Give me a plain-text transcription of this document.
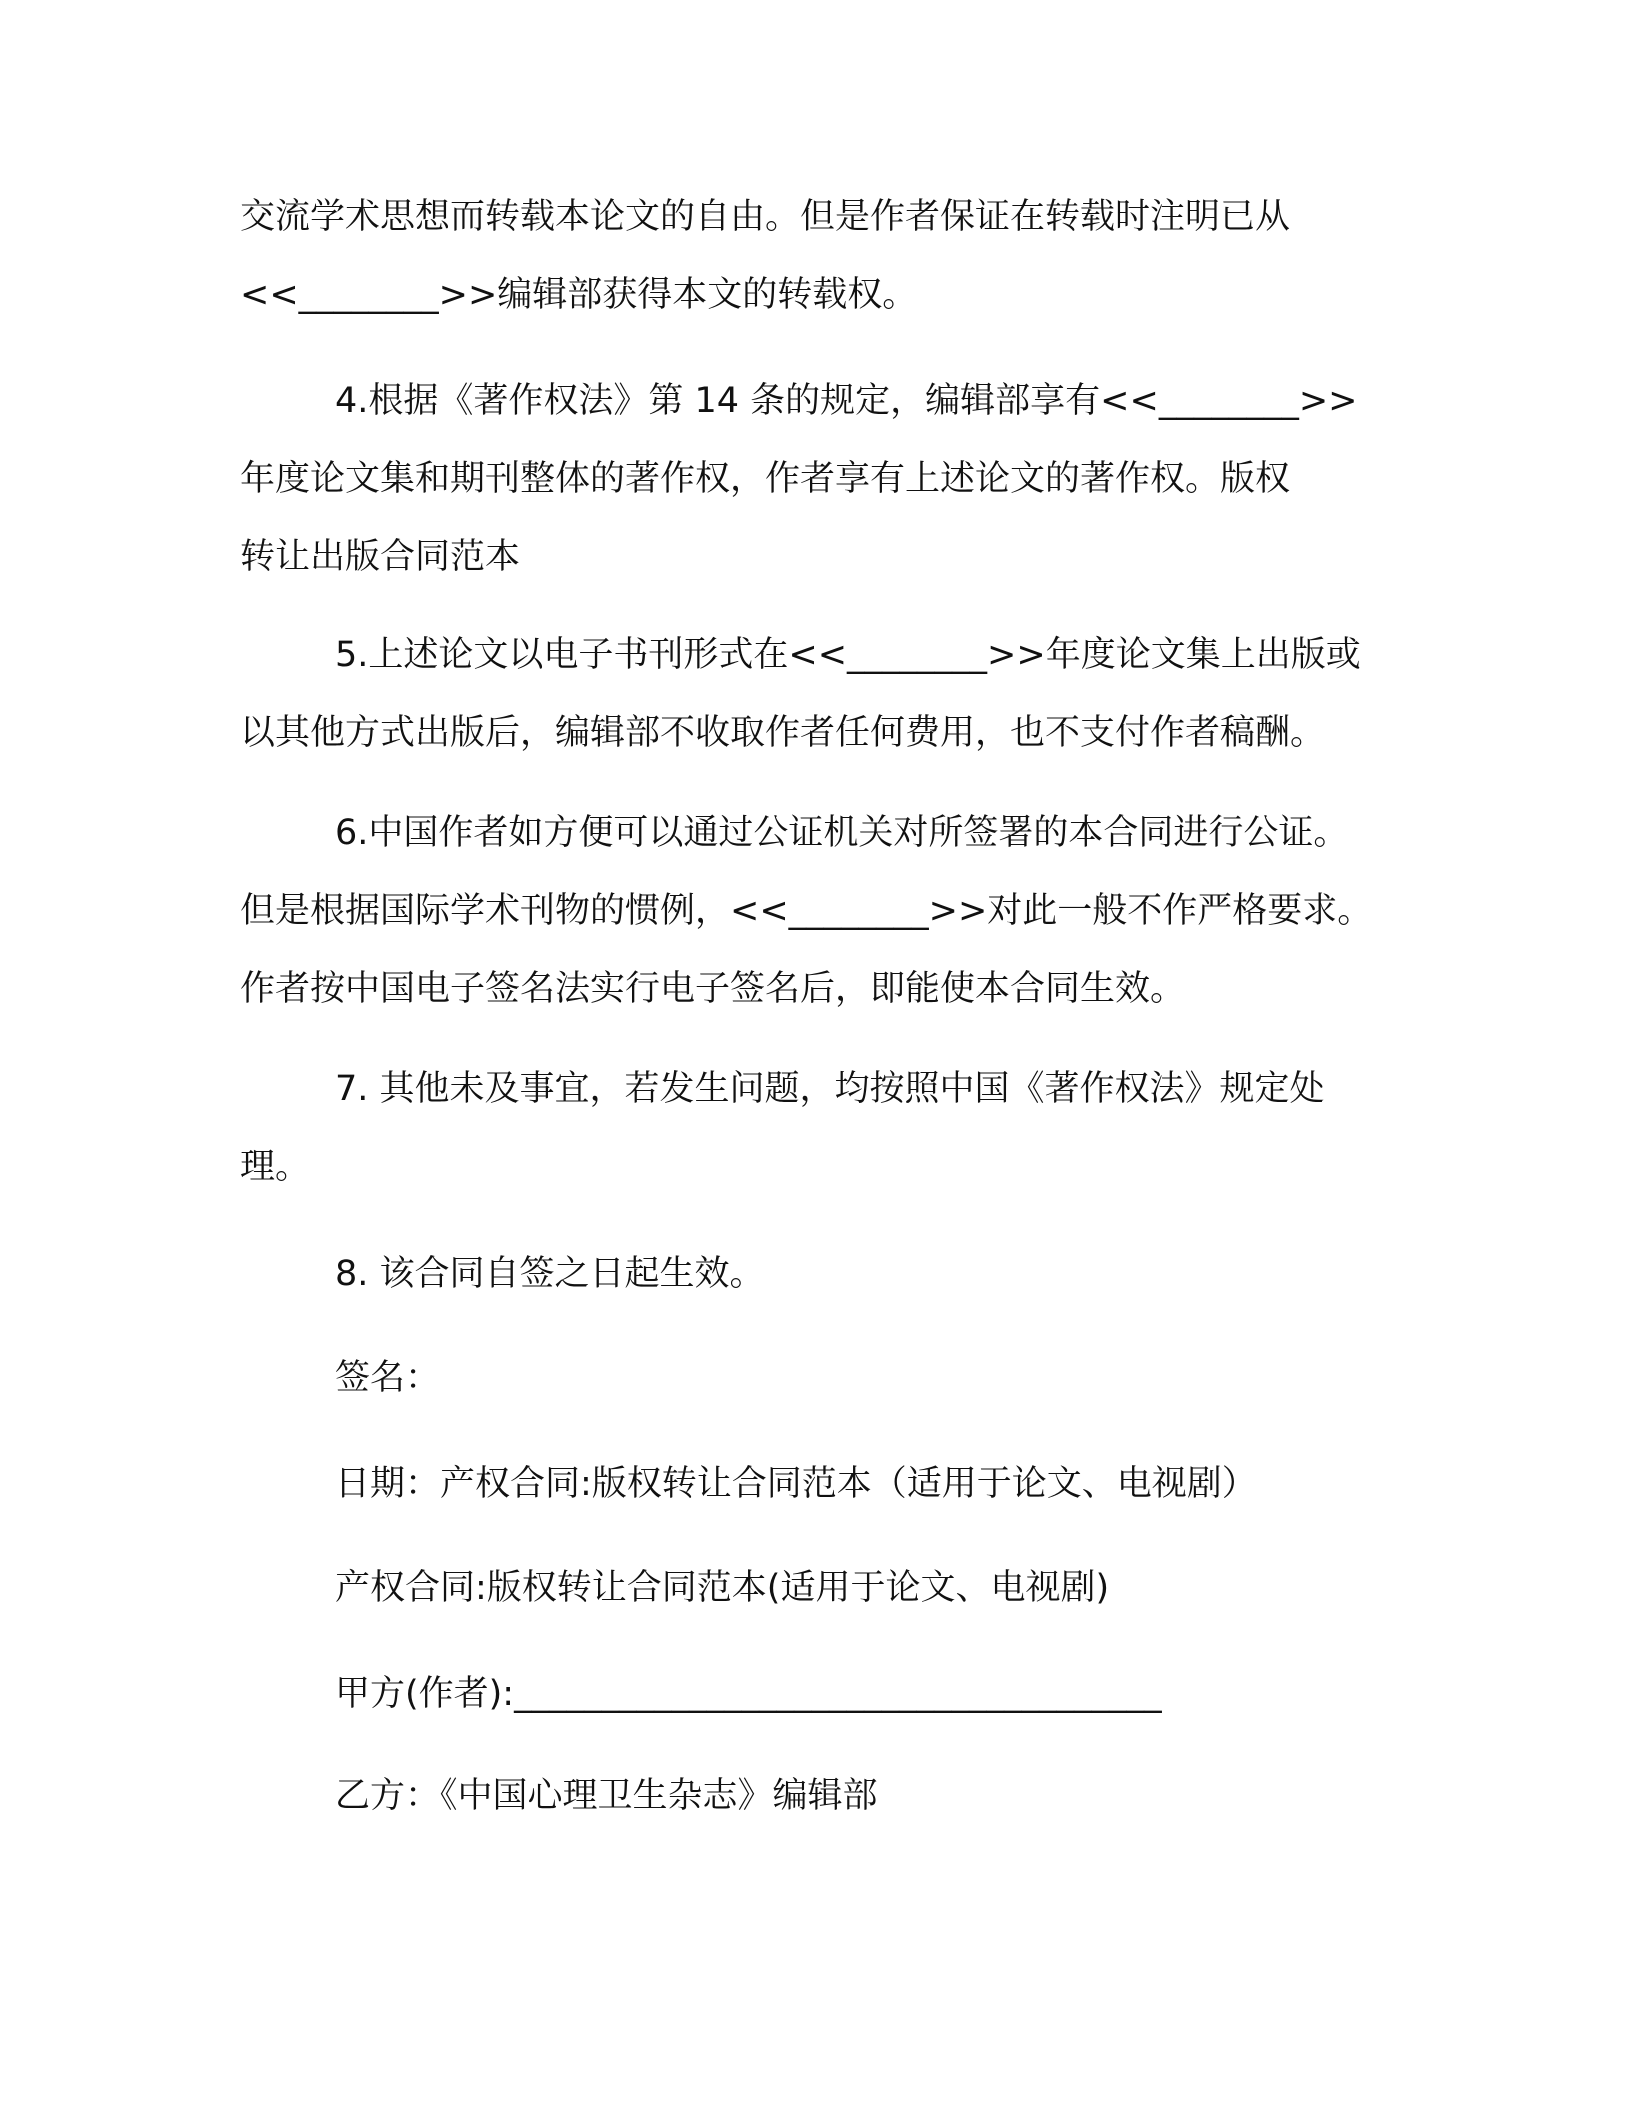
交流学术思想而转载本论文的自由。但是作者保证在转载时注明已从
<<________>>编辑部获得本文的转载权。
4.根据《著作权法》第 14 条的规定，编辑部享有<<________>>
年度论文集和期刊整体的著作权，作者享有上述论文的著作权。版权
转让出版合同范本
5.上述论文以电子书刊形式在<<________>>年度论文集上出版或
以其他方式出版后，编辑部不收取作者任何费用，也不支付作者稿酬。
6.中国作者如方便可以通过公证机关对所签署的本合同进行公证。
但是根据国际学术刊物的惯例，<<________>>对此一般不作严格要求。
作者按中国电子签名法实行电子签名后，即能使本合同生效。
7. 其他未及事宜，若发生问题，均按照中国《著作权法》规定处
理。
8. 该合同自签之日起生效。
签名：
日期：产权合同:版权转让合同范本（适用于论文、电视剧）
产权合同:版权转让合同范本(适用于论文、电视剧)
甲方(作者):_____________________________________
乙方：《中国心理卫生杂志》编辑部
